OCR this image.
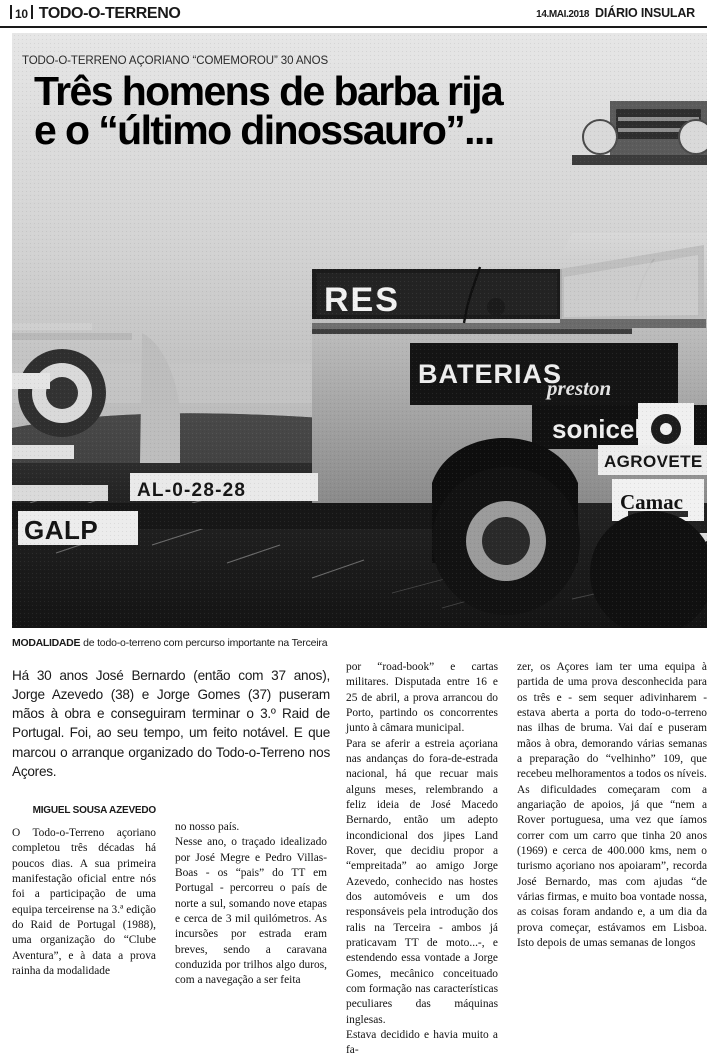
10 TODO-O-TERRENO	14.MAI.2018 DIÁRIO INSULAR
TODO-O-TERRENO AÇORIANO “COMEMOROU” 30 ANOS
Três homens de barba rija
e o “último dinossauro”...
MODALIDADE de todo-o-terreno com percurso importante na Terceira
Há 30 anos José Bernardo (então com 37 anos), Jorge Azevedo (38) e Jorge Gomes (37) puseram mãos à obra e conseguiram terminar o 3.º Raid de Portugal. Foi, ao seu tempo, um feito notável. E que marcou o arranque organizado do Todo-o-Terreno nos Açores.
MIGUEL SOUSA AZEVEDO

O Todo-o-Terreno açoriano completou três décadas há poucos dias. A sua primeira manifestação oficial entre nós foi a participação de uma equipa terceirense na 3.ª edição do Raid de Portugal (1988), uma organização do “Clube Aventura”, e à data a prova rainha da modalidade

no nosso país.

Nesse ano, o traçado idealizado por José Megre e Pedro Villas-Boas - os “pais” do TT em Portugal - percorreu o país de norte a sul, somando nove etapas e cerca de 3 mil quilómetros. As incursões por estrada eram breves, sendo a caravana conduzida por trilhos algo duros, com a navegação a ser feita

por “road-book” e cartas militares. Disputada entre 16 e 25 de abril, a prova arrancou do Porto, partindo os concorrentes junto à câmara municipal.

Para se aferir a estreia açoriana nas andanças do fora-de-estrada nacional, há que recuar mais alguns meses, relembrando a feliz ideia de José Macedo Bernardo, então um adepto incondicional dos jipes Land Rover, que decidiu propor a “empreitada” ao amigo Jorge Azevedo, conhecido nas hostes dos automóveis e um dos responsáveis pela introdução dos ralis na Terceira - ambos já praticavam TT de moto...-, e estendendo essa vontade a Jorge Gomes, mecânico conceituado com formação nas características peculiares das máquinas inglesas.

Estava decidido e havia muito a fa-

zer, os Açores iam ter uma equipa à partida de uma prova desconhecida para os três e - sem sequer adivinharem - estava aberta a porta do todo-o-terreno nas ilhas de bruma. Vai daí e puseram mãos à obra, demorando várias semanas a preparação do “velhinho” 109, que recebeu melhoramentos a todos os níveis.

As dificuldades começaram com a angariação de apoios, já que “nem a Rover portuguesa, uma vez que íamos correr com um carro que tinha 20 anos (1969) e cerca de 400.000 kms, nem o turismo açoriano nos apoiaram”, recorda José Bernardo, mas com ajudas “de várias firmas, e muito boa vontade nossa, as coisas foram andando e, a um dia da prova começar, estávamos em Lisboa. Isto depois de umas semanas de longos
